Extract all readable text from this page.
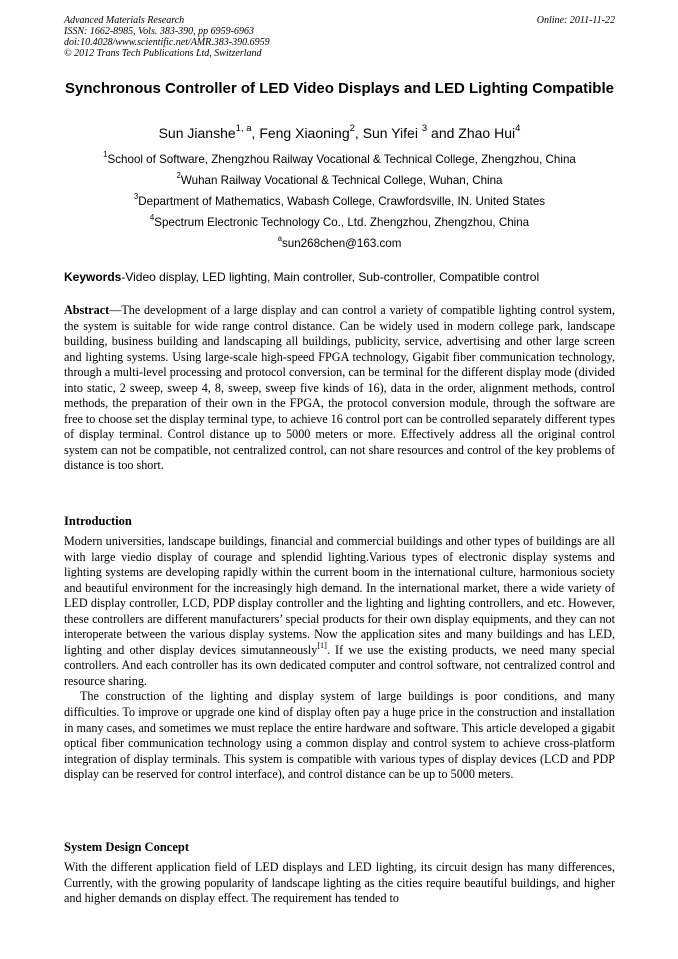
Advanced Materials Research
ISSN: 1662-8985, Vols. 383-390, pp 6959-6963
doi:10.4028/www.scientific.net/AMR.383-390.6959
© 2012 Trans Tech Publications Ltd, Switzerland
Online: 2011-11-22
Synchronous Controller of LED Video Displays and LED Lighting Compatible
Sun Jianshe$^{1, a}$, Feng Xiaoning$^2$, Sun Yifei $^3$ and Zhao Hui$^4$
$^1$School of Software, Zhengzhou Railway Vocational & Technical College, Zhengzhou, China
$^2$Wuhan Railway Vocational & Technical College, Wuhan, China
$^3$Department of Mathematics, Wabash College, Crawfordsville, IN. United States
$^4$Spectrum Electronic Technology Co., Ltd. Zhengzhou, Zhengzhou, China
$^a$sun268chen@163.com
Keywords-Video display, LED lighting, Main controller, Sub-controller, Compatible control

Abstract—The development of a large display and can control a variety of compatible lighting control system, the system is suitable for wide range control distance. Can be widely used in modern college park, landscape building, business building and landscaping all buildings, publicity, service, advertising and other large screen and lighting systems. Using large-scale high-speed FPGA technology, Gigabit fiber communication technology, through a multi-level processing and protocol conversion, can be terminal for the different display mode (divided into static, 2 sweep, sweep 4, 8, sweep, sweep five kinds of 16), data in the order, alignment methods, control methods, the preparation of their own in the FPGA, the protocol conversion module, through the software are free to choose set the display terminal type, to achieve 16 control port can be controlled separately different types of display terminal. Control distance up to 5000 meters or more. Effectively address all the original control system can not be compatible, not centralized control, can not share resources and control of the key problems of distance is too short.

Introduction

Modern universities, landscape buildings, financial and commercial buildings and other types of buildings are all with large viedio display of courage and splendid lighting.Various types of electronic display systems and lighting systems are developing rapidly within the current boom in the international culture, harmonious society and beautiful environment for the increasingly high demand. In the international market, there a wide variety of LED display controller, LCD, PDP display controller and the lighting and lighting controllers, and etc. However, these controllers are different manufacturers’ special products for their own display equipments, and they can not interoperate between the various display systems. Now the application sites and many buildings and has LED, lighting and other display devices simutanneously[1]. If we use the existing products, we need many special controllers. And each controller has its own dedicated computer and control software, not centralized control and resource sharing.

The construction of the lighting and display system of large buildings is poor conditions, and many difficulties. To improve or upgrade one kind of display often pay a huge price in the construction and installation in many cases, and sometimes we must replace the entire hardware and software. This article developed a gigabit optical fiber communication technology using a common display and control system to achieve cross-platform integration of display terminals. This system is compatible with various types of display devices (LCD and PDP display can be reserved for control interface), and control distance can be up to 5000 meters.

System Design Concept

With the different application field of LED displays and LED lighting, its circuit design has many differences, Currently, with the growing popularity of landscape lighting as the cities require beautiful buildings, and higher and higher demands on display effect. The requirement has tended to
